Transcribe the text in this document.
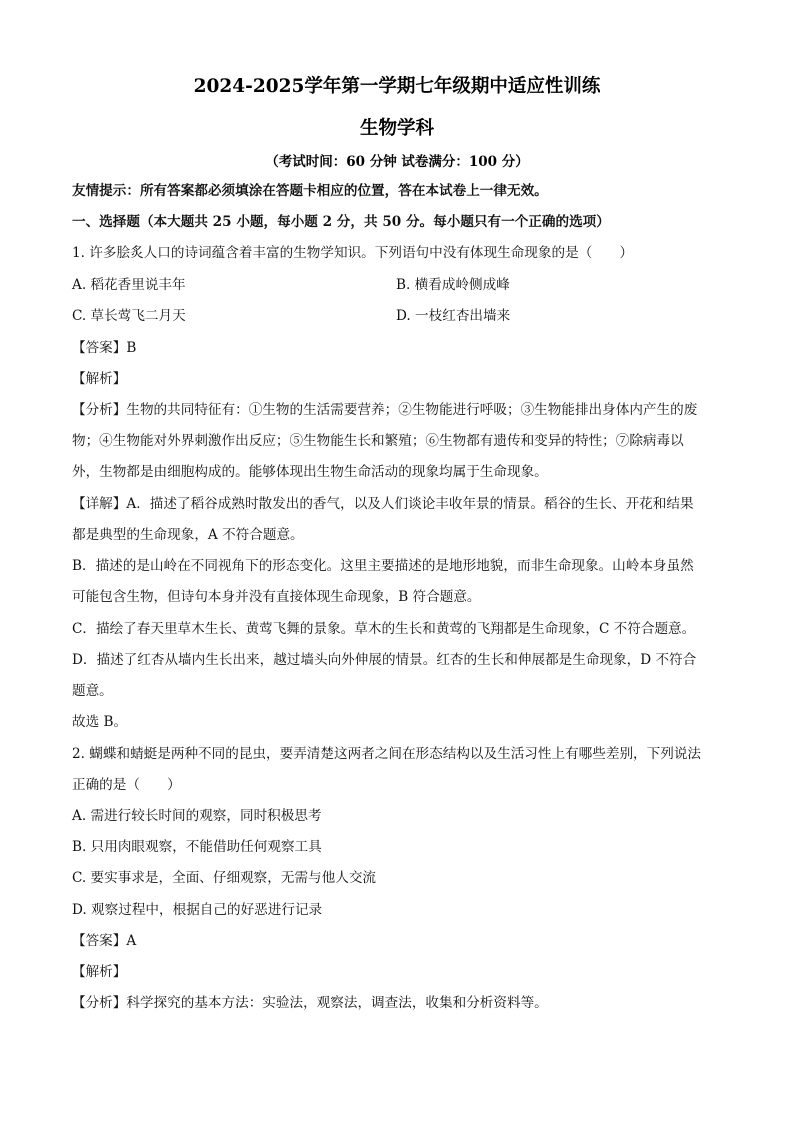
2024-2025学年第一学期七年级期中适应性训练
生物学科
（考试时间：60 分钟 试卷满分：100 分）
友情提示：所有答案都必须填涂在答题卡相应的位置，答在本试卷上一律无效。
一、选择题（本大题共 25 小题，每小题 2 分，共 50 分。每小题只有一个正确的选项）
1. 许多脍炙人口的诗词蕴含着丰富的生物学知识。下列语句中没有体现生命现象的是（　　）
A. 稻花香里说丰年	B. 横看成岭侧成峰
C. 草长莺飞二月天	D. 一枝红杏出墙来
【答案】B
【解析】
【分析】生物的共同特征有：①生物的生活需要营养；②生物能进行呼吸；③生物能排出身体内产生的废
物；④生物能对外界刺激作出反应；⑤生物能生长和繁殖；⑥生物都有遗传和变异的特性；⑦除病毒以
外，生物都是由细胞构成的。能够体现出生物生命活动的现象均属于生命现象。
【详解】A．描述了稻谷成熟时散发出的香气，以及人们谈论丰收年景的情景。稻谷的生长、开花和结果
都是典型的生命现象，A 不符合题意。
B．描述的是山岭在不同视角下的形态变化。这里主要描述的是地形地貌，而非生命现象。山岭本身虽然
可能包含生物，但诗句本身并没有直接体现生命现象，B 符合题意。
C．描绘了春天里草木生长、黄莺飞舞的景象。草木的生长和黄莺的飞翔都是生命现象，C 不符合题意。
D．描述了红杏从墙内生长出来，越过墙头向外伸展的情景。红杏的生长和伸展都是生命现象，D 不符合
题意。
故选 B。
2. 蝴蝶和蜻蜓是两种不同的昆虫，要弄清楚这两者之间在形态结构以及生活习性上有哪些差别，下列说法
正确的是（　　）
A. 需进行较长时间的观察，同时积极思考
B. 只用肉眼观察，不能借助任何观察工具
C. 要实事求是，全面、仔细观察，无需与他人交流
D. 观察过程中，根据自己的好恶进行记录
【答案】A
【解析】
【分析】科学探究的基本方法：实验法，观察法，调查法，收集和分析资料等。
